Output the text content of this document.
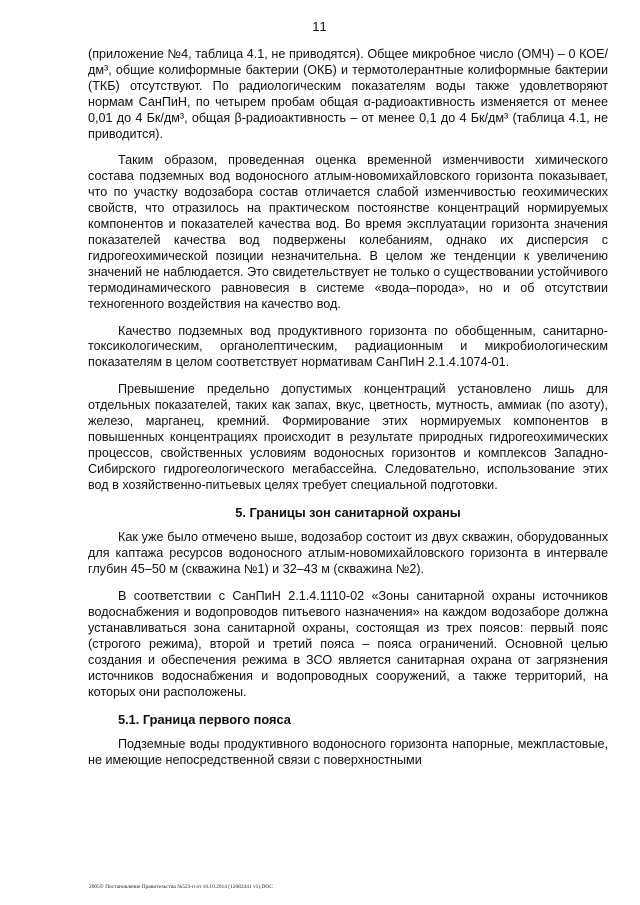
11

(приложение №4, таблица 4.1, не приводятся). Общее микробное число (ОМЧ) – 0 КОЕ/дм³, общие колиформные бактерии (ОКБ) и термотолерантные колиформные бактерии (ТКБ) отсутствуют. По радиологическим показателям воды также удовлетворяют нормам СанПиН, по четырем пробам общая α-радиоактивность изменяется от менее 0,01 до 4 Бк/дм³, общая β-радиоактивность – от менее 0,1 до 4 Бк/дм³ (таблица 4.1, не приводится).

Таким образом, проведенная оценка временной изменчивости химического состава подземных вод водоносного атлым-новомихайловского горизонта показывает, что по участку водозабора состав отличается слабой изменчивостью геохимических свойств, что отразилось на практическом постоянстве концентраций нормируемых компонентов и показателей качества вод. Во время эксплуатации горизонта значения показателей качества вод подвержены колебаниям, однако их дисперсия с гидрогеохимической позиции незначительна. В целом же тенденции к увеличению значений не наблюдается. Это свидетельствует не только о существовании устойчивого термодинамического равновесия в системе «вода–порода», но и об отсутствии техногенного воздействия на качество вод.

Качество подземных вод продуктивного горизонта по обобщенным, санитарно-токсикологическим, органолептическим, радиационным и микробиологическим показателям в целом соответствует нормативам СанПиН 2.1.4.1074-01.

Превышение предельно допустимых концентраций установлено лишь для отдельных показателей, таких как запах, вкус, цветность, мутность, аммиак (по азоту), железо, марганец, кремний. Формирование этих нормируемых компонентов в повышенных концентрациях происходит в результате природных гидрогеохимических процессов, свойственных условиям водоносных горизонтов и комплексов Западно-Сибирского гидрогеологического мегабассейна. Следовательно, использование этих вод в хозяйственно-питьевых целях требует специальной подготовки.

5. Границы зон санитарной охраны

Как уже было отмечено выше, водозабор состоит из двух скважин, оборудованных для каптажа ресурсов водоносного атлым-новомихайловского горизонта в интервале глубин 45–50 м (скважина №1) и 32–43 м (скважина №2).

В соответствии с СанПиН 2.1.4.1110-02 «Зоны санитарной охраны источников водоснабжения и водопроводов питьевого назначения» на каждом водозаборе должна устанавливаться зона санитарной охраны, состоящая из трех поясов: первый пояс (строгого режима), второй и третий пояса – пояса ограничений. Основной целью создания и обеспечения режима в ЗСО является санитарная охрана от загрязнения источников водоснабжения и водопроводных сооружений, а также территорий, на которых они расположены.

5.1. Граница первого пояса

Подземные воды продуктивного водоносного горизонта напорные, межпластовые, не имеющие непосредственной связи с поверхностными

2005© Постановление Правительства №523-п от 10.10.2014 (12082441 v1).DOC
